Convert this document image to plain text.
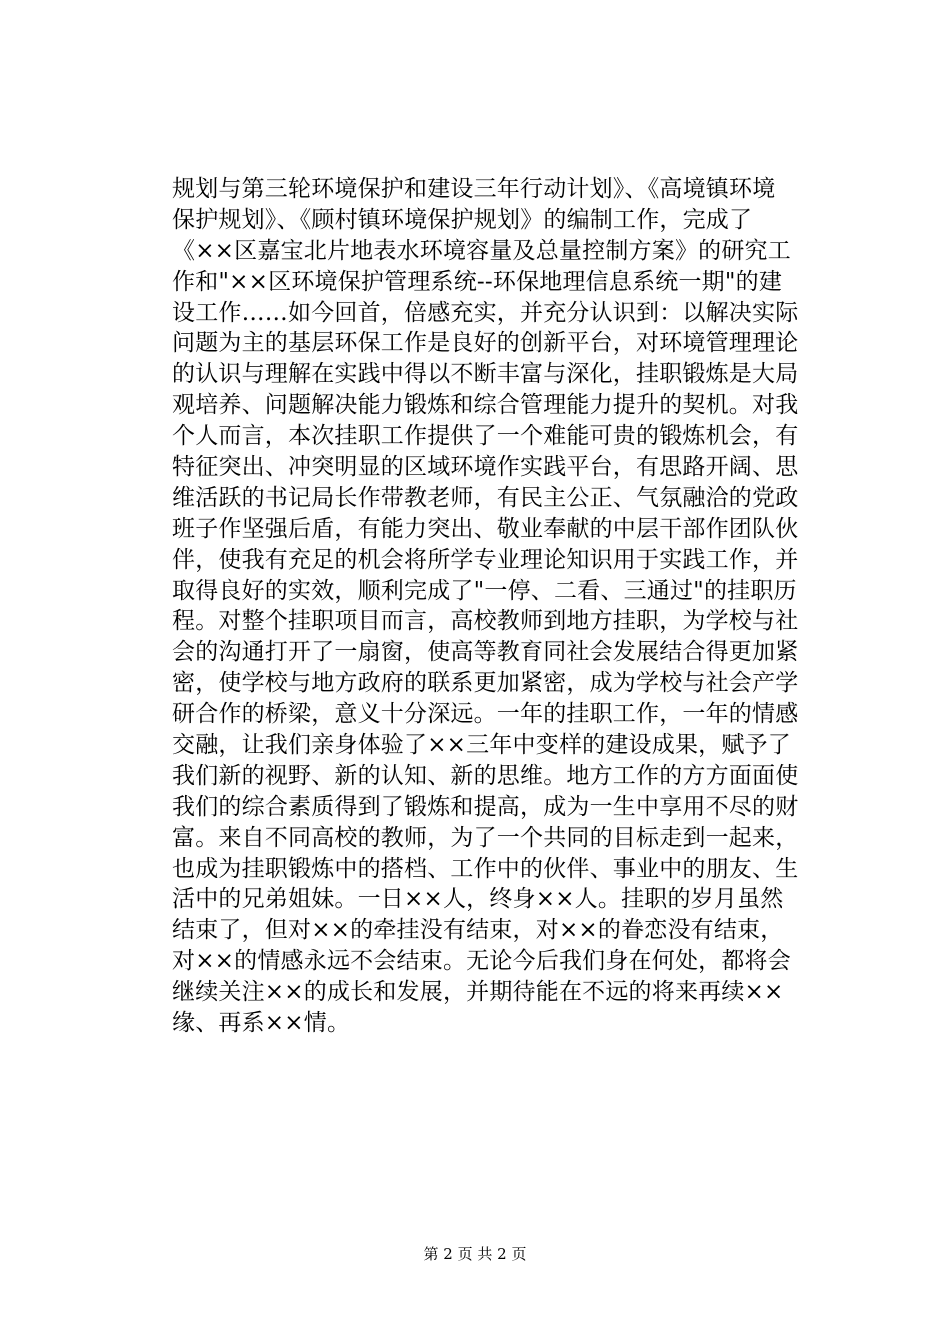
规划与第三轮环境保护和建设三年行动计划》、《高境镇环境
保护规划》、《顾村镇环境保护规划》的编制工作，完成了
《××区嘉宝北片地表水环境容量及总量控制方案》的研究工
作和"××区环境保护管理系统--环保地理信息系统一期"的建
设工作……如今回首，倍感充实，并充分认识到：以解决实际
问题为主的基层环保工作是良好的创新平台，对环境管理理论
的认识与理解在实践中得以不断丰富与深化，挂职锻炼是大局
观培养、问题解决能力锻炼和综合管理能力提升的契机。对我
个人而言，本次挂职工作提供了一个难能可贵的锻炼机会，有
特征突出、冲突明显的区域环境作实践平台，有思路开阔、思
维活跃的书记局长作带教老师，有民主公正、气氛融洽的党政
班子作坚强后盾，有能力突出、敬业奉献的中层干部作团队伙
伴，使我有充足的机会将所学专业理论知识用于实践工作，并
取得良好的实效，顺利完成了"一停、二看、三通过"的挂职历
程。对整个挂职项目而言，高校教师到地方挂职，为学校与社
会的沟通打开了一扇窗，使高等教育同社会发展结合得更加紧
密，使学校与地方政府的联系更加紧密，成为学校与社会产学
研合作的桥梁，意义十分深远。一年的挂职工作，一年的情感
交融，让我们亲身体验了××三年中变样的建设成果，赋予了
我们新的视野、新的认知、新的思维。地方工作的方方面面使
我们的综合素质得到了锻炼和提高，成为一生中享用不尽的财
富。来自不同高校的教师，为了一个共同的目标走到一起来，
也成为挂职锻炼中的搭档、工作中的伙伴、事业中的朋友、生
活中的兄弟姐妹。一日××人，终身××人。挂职的岁月虽然
结束了，但对××的牵挂没有结束，对××的眷恋没有结束，
对××的情感永远不会结束。无论今后我们身在何处，都将会
继续关注××的成长和发展，并期待能在不远的将来再续××
缘、再系××情。
第 2 页 共 2 页
